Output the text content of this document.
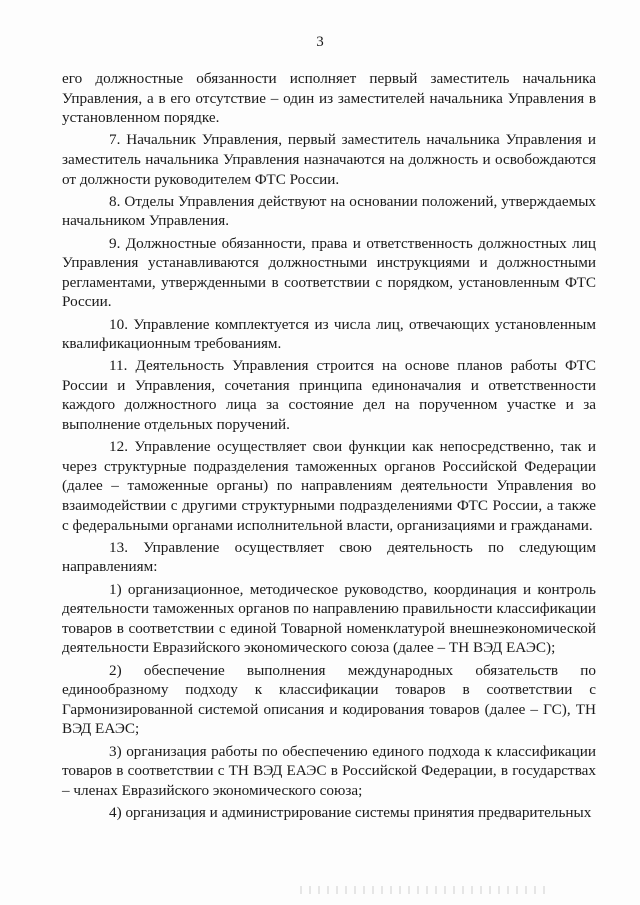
3

его должностные обязанности исполняет первый заместитель начальника Управления, а в его отсутствие – один из заместителей начальника Управления в установленном порядке.

7. Начальник Управления, первый заместитель начальника Управления и заместитель начальника Управления назначаются на должность и освобождаются от должности руководителем ФТС России.

8. Отделы Управления действуют на основании положений, утверждаемых начальником Управления.

9. Должностные обязанности, права и ответственность должностных лиц Управления устанавливаются должностными инструкциями и должностными регламентами, утвержденными в соответствии с порядком, установленным ФТС России.

10. Управление комплектуется из числа лиц, отвечающих установленным квалификационным требованиям.

11. Деятельность Управления строится на основе планов работы ФТС России и Управления, сочетания принципа единоначалия и ответственности каждого должностного лица за состояние дел на порученном участке и за выполнение отдельных поручений.

12. Управление осуществляет свои функции как непосредственно, так и через структурные подразделения таможенных органов Российской Федерации (далее – таможенные органы) по направлениям деятельности Управления во взаимодействии с другими структурными подразделениями ФТС России, а также с федеральными органами исполнительной власти, организациями и гражданами.

13. Управление осуществляет свою деятельность по следующим направлениям:

1) организационное, методическое руководство, координация и контроль деятельности таможенных органов по направлению правильности классификации товаров в соответствии с единой Товарной номенклатурой внешнеэкономической деятельности Евразийского экономического союза (далее – ТН ВЭД ЕАЭС);

2) обеспечение выполнения международных обязательств по единообразному подходу к классификации товаров в соответствии с Гармонизированной системой описания и кодирования товаров (далее – ГС), ТН ВЭД ЕАЭС;

3) организация работы по обеспечению единого подхода к классификации товаров в соответствии с ТН ВЭД ЕАЭС в Российской Федерации, в государствах – членах Евразийского экономического союза;

4) организация и администрирование системы принятия предварительных
